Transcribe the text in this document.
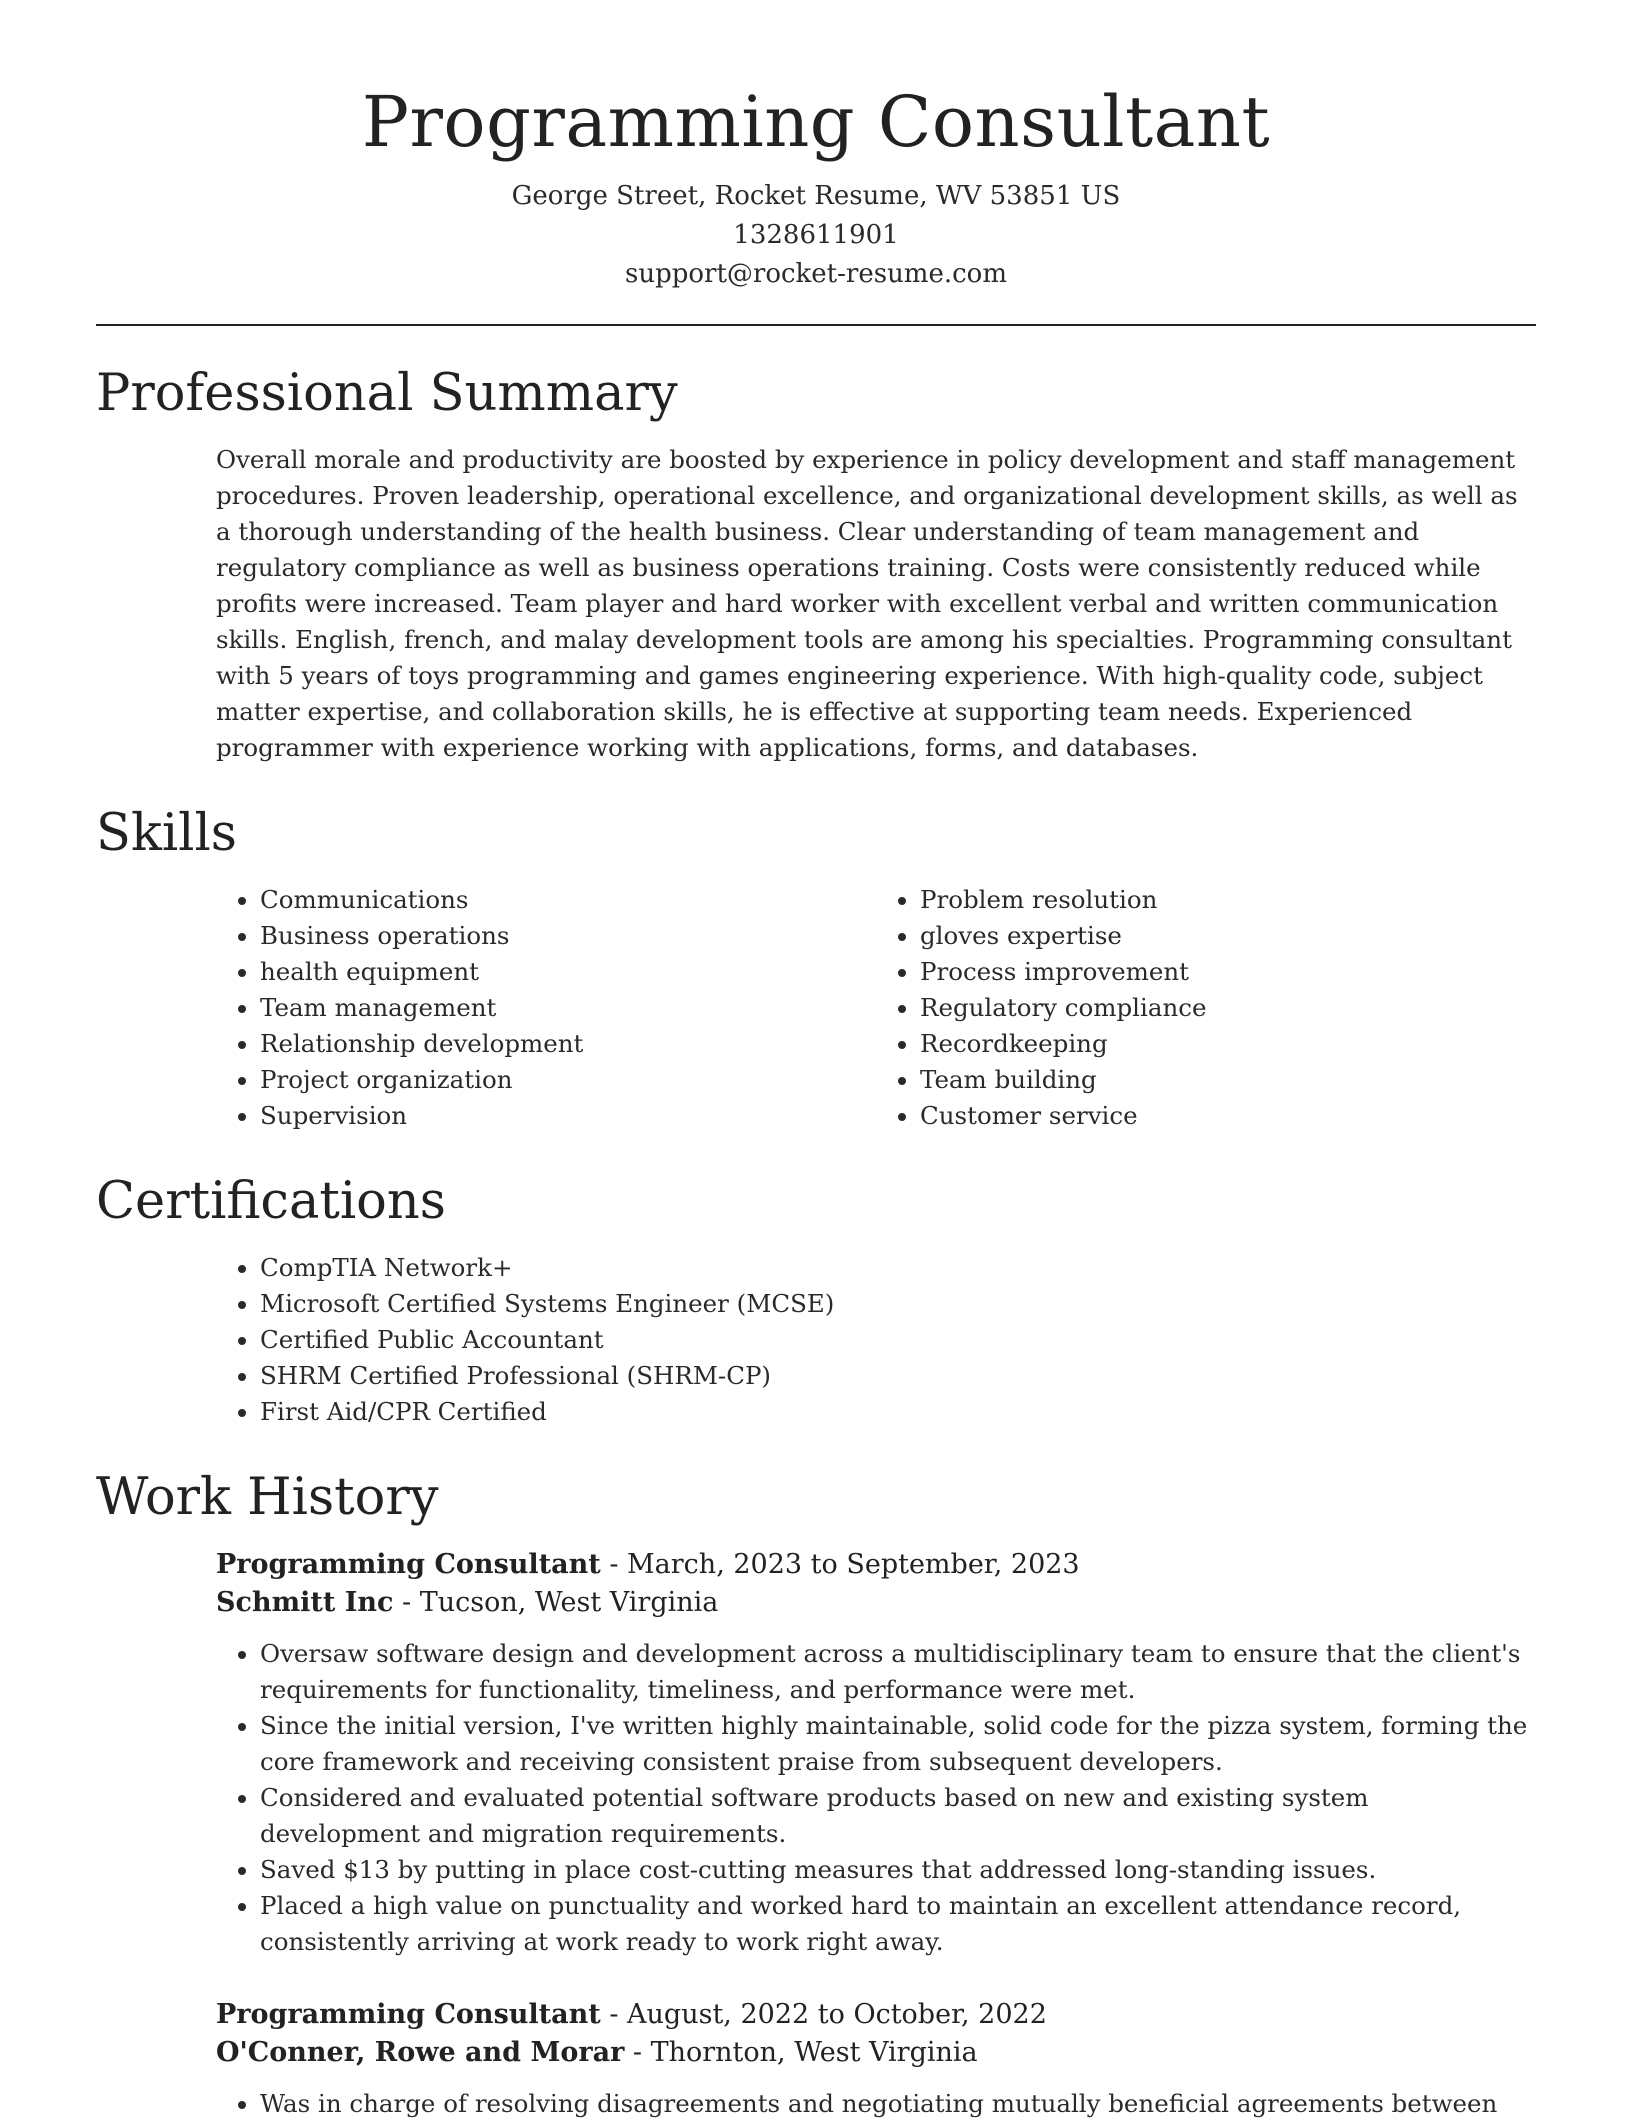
Programming Consultant
George Street, Rocket Resume, WV 53851 US
1328611901
support@rocket-resume.com
Professional Summary

Overall morale and productivity are boosted by experience in policy development and staff management procedures. Proven leadership, operational excellence, and organizational development skills, as well as a thorough understanding of the health business. Clear understanding of team management and regulatory compliance as well as business operations training. Costs were consistently reduced while profits were increased. Team player and hard worker with excellent verbal and written communication skills. English, french, and malay development tools are among his specialties. Programming consultant with 5 years of toys programming and games engineering experience. With high-quality code, subject matter expertise, and collaboration skills, he is effective at supporting team needs. Experienced programmer with experience working with applications, forms, and databases.

Skills
• Communications
• Business operations
• health equipment
• Team management
• Relationship development
• Project organization
• Supervision
• Problem resolution
• gloves expertise
• Process improvement
• Regulatory compliance
• Recordkeeping
• Team building
• Customer service
Certifications
• CompTIA Network+
• Microsoft Certified Systems Engineer (MCSE)
• Certified Public Accountant
• SHRM Certified Professional (SHRM-CP)
• First Aid/CPR Certified
Work History
Programming Consultant - March, 2023 to September, 2023
Schmitt Inc - Tucson, West Virginia
• Oversaw software design and development across a multidisciplinary team to ensure that the client's requirements for functionality, timeliness, and performance were met.
• Since the initial version, I've written highly maintainable, solid code for the pizza system, forming the core framework and receiving consistent praise from subsequent developers.
• Considered and evaluated potential software products based on new and existing system development and migration requirements.
• Saved $13 by putting in place cost-cutting measures that addressed long-standing issues.
• Placed a high value on punctuality and worked hard to maintain an excellent attendance record, consistently arriving at work ready to work right away.
Programming Consultant - August, 2022 to October, 2022
O'Conner, Rowe and Morar - Thornton, West Virginia
• Was in charge of resolving disagreements and negotiating mutually beneficial agreements between
